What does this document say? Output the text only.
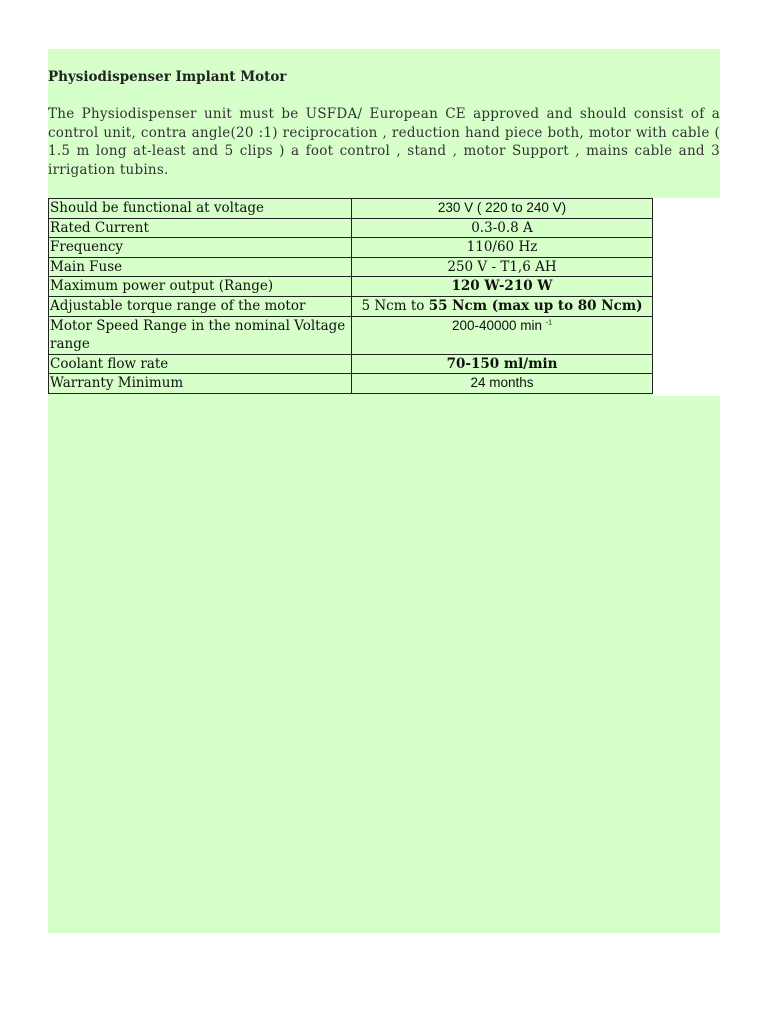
Physiodispenser Implant Motor
The Physiodispenser unit must be USFDA/ European CE approved and should consist of a control unit, contra angle(20 :1) reciprocation , reduction hand piece both, motor with cable ( 1.5 m long at-least and 5 clips ) a foot control , stand , motor Support , mains cable and 3 irrigation tubins.
Should be functional at voltage	230 V ( 220 to 240 V)
Rated Current	0.3-0.8 A
Frequency	110/60 Hz
Main Fuse	250 V - T1,6 AH
Maximum power output (Range)	120 W-210 W
Adjustable torque range of the motor	5 Ncm to 55 Ncm (max up to 80 Ncm)
Motor Speed Range in the nominal Voltage range	200-40000 min $^{-1}$
Coolant flow rate	70-150 ml/min
Warranty Minimum	24 months
